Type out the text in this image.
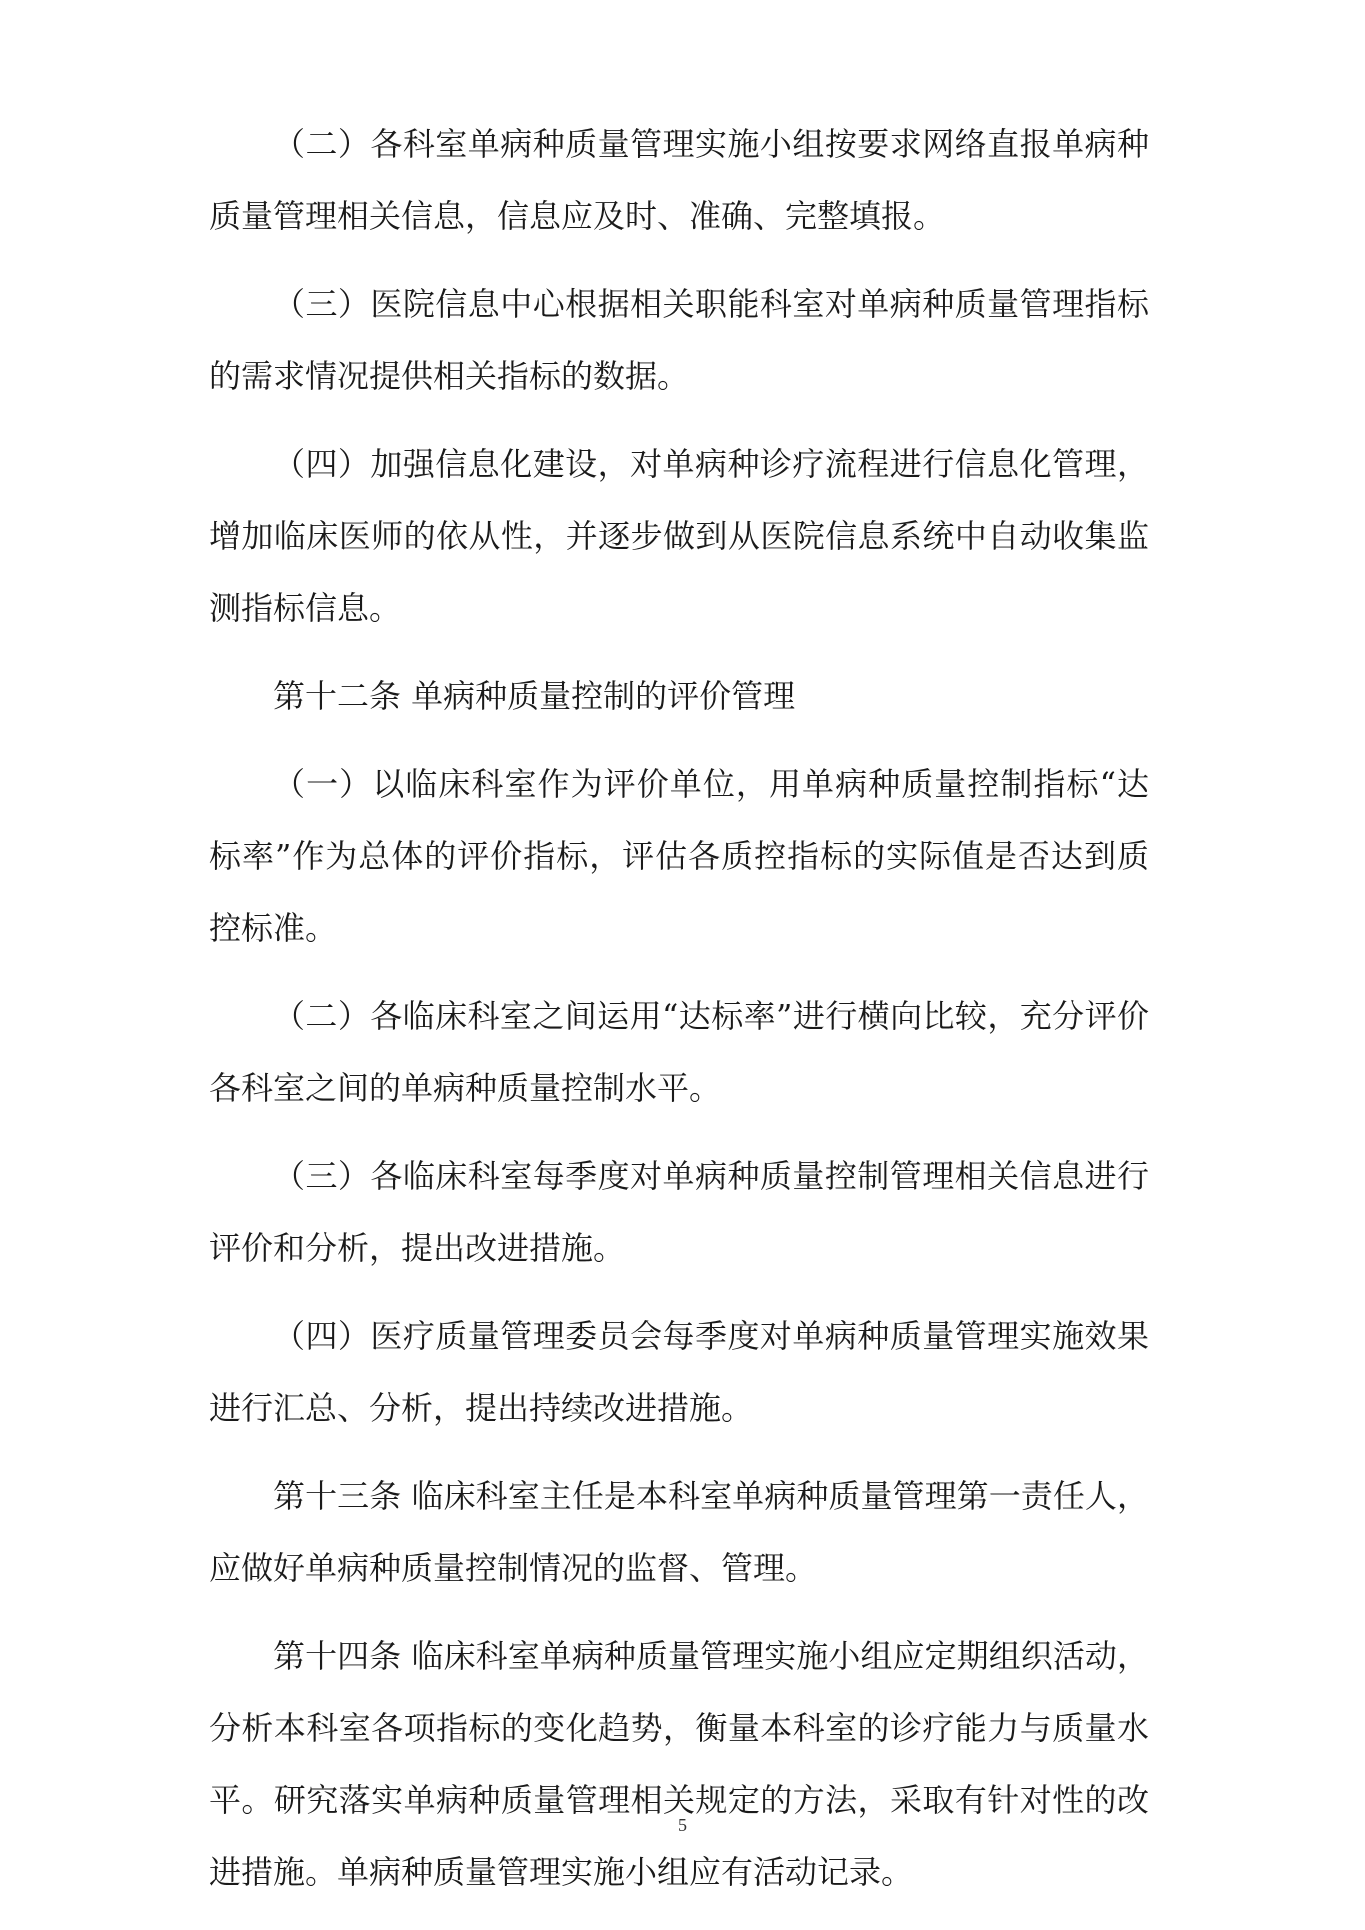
（二）各科室单病种质量管理实施小组按要求网络直报单病种质量管理相关信息，信息应及时、准确、完整填报。

（三）医院信息中心根据相关职能科室对单病种质量管理指标的需求情况提供相关指标的数据。

（四）加强信息化建设，对单病种诊疗流程进行信息化管理，增加临床医师的依从性，并逐步做到从医院信息系统中自动收集监测指标信息。

第十二条 单病种质量控制的评价管理

（一）以临床科室作为评价单位，用单病种质量控制指标“达标率”作为总体的评价指标，评估各质控指标的实际值是否达到质控标准。

（二）各临床科室之间运用“达标率”进行横向比较，充分评价各科室之间的单病种质量控制水平。

（三）各临床科室每季度对单病种质量控制管理相关信息进行评价和分析，提出改进措施。

（四）医疗质量管理委员会每季度对单病种质量管理实施效果进行汇总、分析，提出持续改进措施。

第十三条 临床科室主任是本科室单病种质量管理第一责任人，应做好单病种质量控制情况的监督、管理。

第十四条 临床科室单病种质量管理实施小组应定期组织活动，分析本科室各项指标的变化趋势，衡量本科室的诊疗能力与质量水平。研究落实单病种质量管理相关规定的方法，采取有针对性的改进措施。单病种质量管理实施小组应有活动记录。

5
